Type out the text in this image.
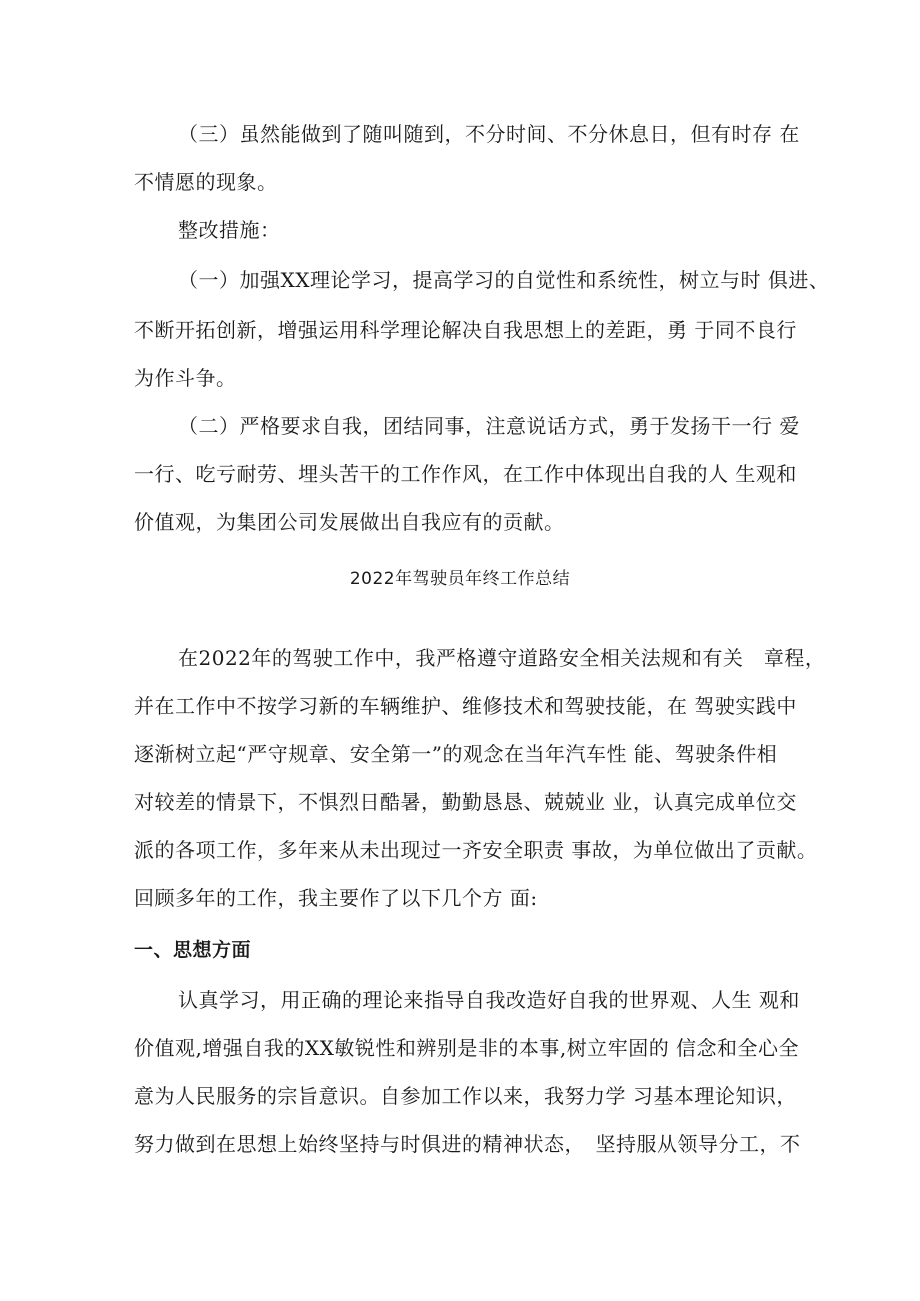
（三）虽然能做到了随叫随到，不分时间、不分休息日，但有时存 在
不情愿的现象。
整改措施：
（一）加强XX理论学习，提高学习的自觉性和系统性，树立与时 俱进、
不断开拓创新，增强运用科学理论解决自我思想上的差距，勇 于同不良行
为作斗争。
（二）严格要求自我，团结同事，注意说话方式，勇于发扬干一行 爱
一行、吃亏耐劳、埋头苦干的工作作风，在工作中体现出自我的人 生观和
价值观，为集团公司发展做出自我应有的贡献。
2022年驾驶员年终工作总结
在2022年的驾驶工作中，我严格遵守道路安全相关法规和有关　章程，
并在工作中不按学习新的车辆维护、维修技术和驾驶技能，在 驾驶实践中
逐渐树立起“严守规章、安全第一”的观念在当年汽车性 能、驾驶条件相
对较差的情景下，不惧烈日酷暑，勤勤恳恳、兢兢业 业，认真完成单位交
派的各项工作，多年来从未出现过一齐安全职责 事故，为单位做出了贡献。
回顾多年的工作，我主要作了以下几个方 面:
一、思想方面
认真学习，用正确的理论来指导自我改造好自我的世界观、人生 观和
价值观,增强自我的XX敏锐性和辨别是非的本事,树立牢固的 信念和全心全
意为人民服务的宗旨意识。自参加工作以来，我努力学 习基本理论知识，
努力做到在思想上始终坚持与时俱进的精神状态，　坚持服从领导分工，不
